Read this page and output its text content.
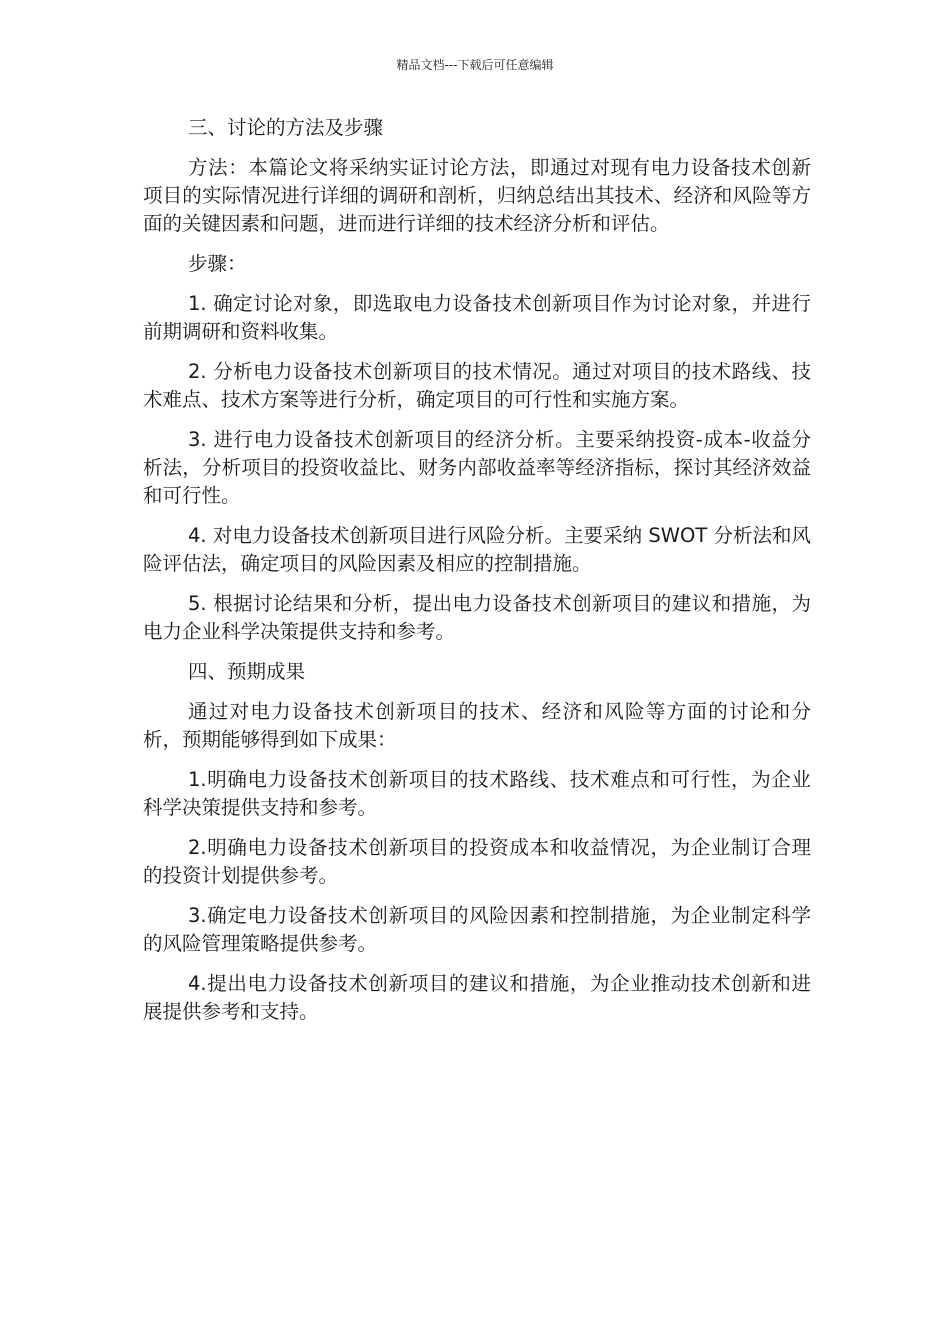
精品文档---下载后可任意编辑

三、讨论的方法及步骤

方法：本篇论文将采纳实证讨论方法，即通过对现有电力设备技术创新项目的实际情况进行详细的调研和剖析，归纳总结出其技术、经济和风险等方面的关键因素和问题，进而进行详细的技术经济分析和评估。

步骤：

1. 确定讨论对象，即选取电力设备技术创新项目作为讨论对象，并进行前期调研和资料收集。

2. 分析电力设备技术创新项目的技术情况。通过对项目的技术路线、技术难点、技术方案等进行分析，确定项目的可行性和实施方案。

3. 进行电力设备技术创新项目的经济分析。主要采纳投资-成本-收益分析法，分析项目的投资收益比、财务内部收益率等经济指标，探讨其经济效益和可行性。

4. 对电力设备技术创新项目进行风险分析。主要采纳 SWOT 分析法和风险评估法，确定项目的风险因素及相应的控制措施。

5. 根据讨论结果和分析，提出电力设备技术创新项目的建议和措施，为电力企业科学决策提供支持和参考。

四、预期成果

通过对电力设备技术创新项目的技术、经济和风险等方面的讨论和分析，预期能够得到如下成果：

1.明确电力设备技术创新项目的技术路线、技术难点和可行性，为企业科学决策提供支持和参考。

2.明确电力设备技术创新项目的投资成本和收益情况，为企业制订合理的投资计划提供参考。

3.确定电力设备技术创新项目的风险因素和控制措施，为企业制定科学的风险管理策略提供参考。

4.提出电力设备技术创新项目的建议和措施，为企业推动技术创新和进展提供参考和支持。
